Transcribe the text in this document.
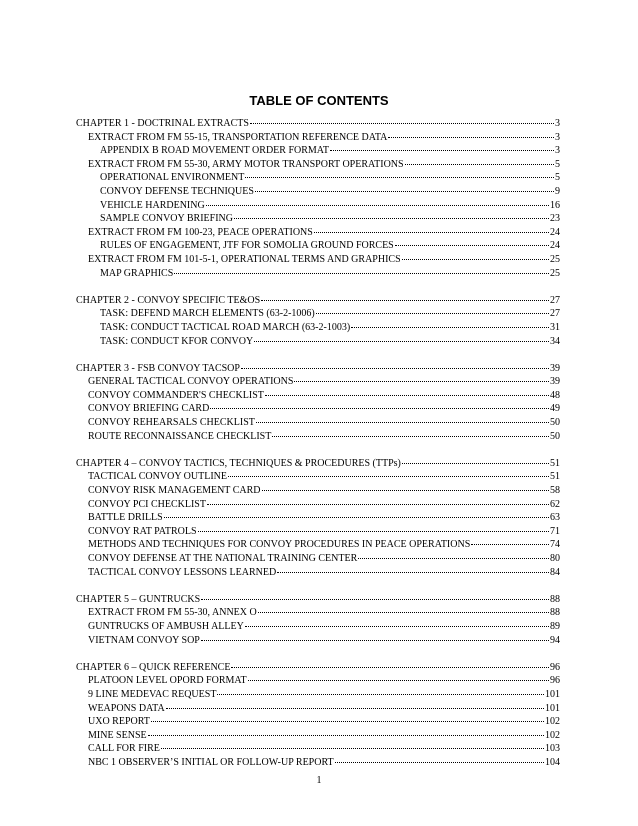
TABLE OF CONTENTS
CHAPTER 1 - DOCTRINAL EXTRACTS	3
EXTRACT FROM FM 55-15, TRANSPORTATION REFERENCE DATA	3
APPENDIX B ROAD MOVEMENT ORDER FORMAT	3
EXTRACT FROM FM 55-30, ARMY MOTOR TRANSPORT OPERATIONS	5
OPERATIONAL ENVIRONMENT	5
CONVOY DEFENSE TECHNIQUES	9
VEHICLE HARDENING	16
SAMPLE CONVOY BRIEFING	23
EXTRACT FROM FM 100-23, PEACE OPERATIONS	24
RULES OF ENGAGEMENT, JTF FOR SOMOLIA GROUND FORCES	24
EXTRACT FROM FM 101-5-1, OPERATIONAL TERMS AND GRAPHICS	25
MAP GRAPHICS	25
CHAPTER 2 - CONVOY SPECIFIC TE&OS	27
TASK: DEFEND MARCH ELEMENTS (63-2-1006)	27
TASK: CONDUCT TACTICAL ROAD MARCH (63-2-1003)	31
TASK: CONDUCT KFOR CONVOY	34
CHAPTER 3 - FSB CONVOY TACSOP	39
GENERAL TACTICAL CONVOY OPERATIONS	39
CONVOY COMMANDER'S CHECKLIST	48
CONVOY BRIEFING CARD	49
CONVOY REHEARSALS CHECKLIST	50
ROUTE RECONNAISSANCE CHECKLIST	50
CHAPTER 4 – CONVOY TACTICS, TECHNIQUES & PROCEDURES (TTPs)	51
TACTICAL CONVOY OUTLINE	51
CONVOY RISK MANAGEMENT CARD	58
CONVOY PCI CHECKLIST	62
BATTLE DRILLS	63
CONVOY RAT PATROLS	71
METHODS AND TECHNIQUES FOR CONVOY PROCEDURES IN PEACE OPERATIONS	74
CONVOY DEFENSE AT THE NATIONAL TRAINING CENTER	80
TACTICAL CONVOY LESSONS LEARNED	84
CHAPTER 5 – GUNTRUCKS	88
EXTRACT FROM FM 55-30, ANNEX O	88
GUNTRUCKS OF AMBUSH ALLEY	89
VIETNAM CONVOY SOP	94
CHAPTER 6 – QUICK REFERENCE	96
PLATOON LEVEL OPORD FORMAT	96
9 LINE MEDEVAC REQUEST	101
WEAPONS DATA	101
UXO REPORT	102
MINE SENSE	102
CALL FOR FIRE	103
NBC 1 OBSERVER’S INITIAL OR FOLLOW-UP REPORT	104
1
